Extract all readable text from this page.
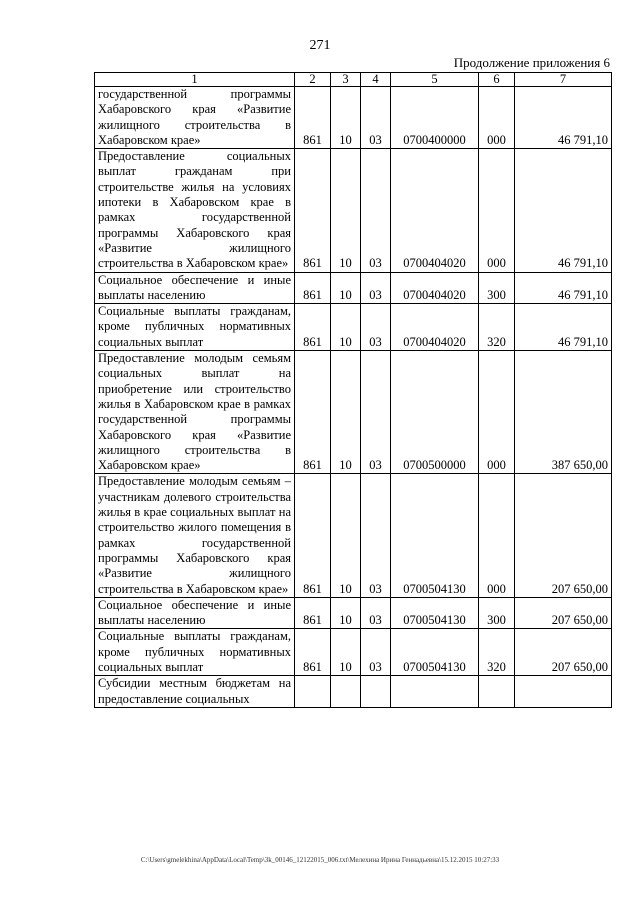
271
Продолжение приложения 6
1	2	3	4	5	6	7
государственной программы Хабаровского края «Развитие жилищного строительства в Хабаровском крае»	861	10	03	0700400000	000	46 791,10
Предоставление социальных выплат гражданам при строительстве жилья на условиях ипотеки в Хабаровском крае в рамках государственной программы Хабаровского края «Развитие жилищного строительства в Хабаровском крае»	861	10	03	0700404020	000	46 791,10
Социальное обеспечение и иные выплаты населению	861	10	03	0700404020	300	46 791,10
Социальные выплаты гражданам, кроме публичных нормативных социальных выплат	861	10	03	0700404020	320	46 791,10
Предоставление молодым семьям социальных выплат на приобретение или строительство жилья в Хабаровском крае в рамках государственной программы Хабаровского края «Развитие жилищного строительства в Хабаровском крае»	861	10	03	0700500000	000	387 650,00
Предоставление молодым семьям – участникам долевого строительства жилья в крае социальных выплат на строительство жилого помещения в рамках государственной программы Хабаровского края «Развитие жилищного строительства в Хабаровском крае»	861	10	03	0700504130	000	207 650,00
Социальное обеспечение и иные выплаты населению	861	10	03	0700504130	300	207 650,00
Социальные выплаты гражданам, кроме публичных нормативных социальных выплат	861	10	03	0700504130	320	207 650,00
Субсидии местным бюджетам на предоставление социальных						
C:\Users\gmelekhina\AppData\Local\Temp\3k_00146_12122015_006.txt\Мелехина Ирина Геннадьевна\15.12.2015 10:27:33
